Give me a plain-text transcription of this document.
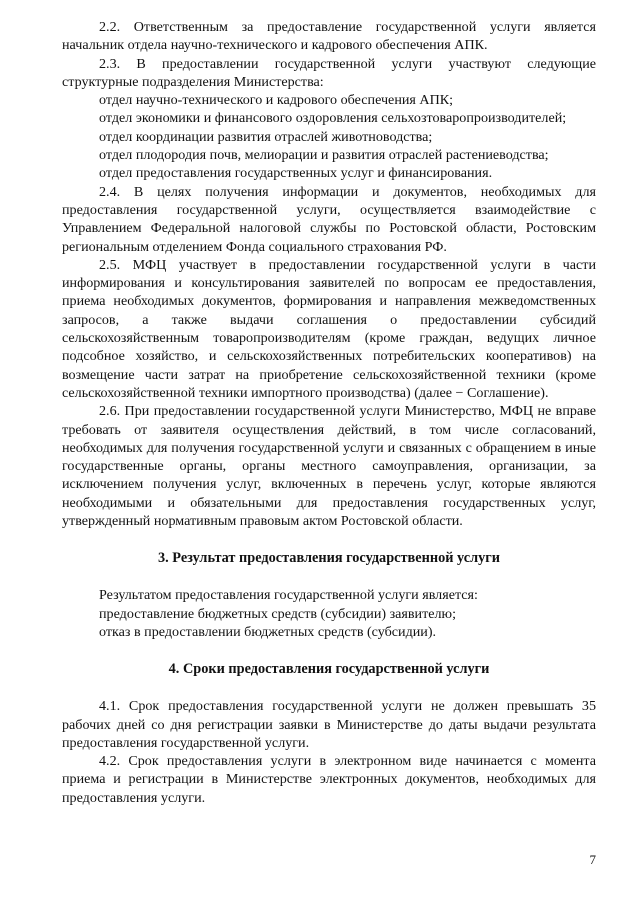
2.2. Ответственным за предоставление государственной услуги является начальник отдела научно-технического и кадрового обеспечения АПК.

2.3. В предоставлении государственной услуги участвуют следующие структурные подразделения Министерства:

отдел научно-технического и кадрового обеспечения АПК;

отдел экономики и финансового оздоровления сельхозтоваропроизводителей;

отдел координации развития отраслей животноводства;

отдел плодородия почв, мелиорации и развития отраслей растениеводства;

отдел предоставления государственных услуг и финансирования.

2.4. В целях получения информации и документов, необходимых для предоставления государственной услуги, осуществляется взаимодействие с Управлением Федеральной налоговой службы по Ростовской области, Ростовским региональным отделением Фонда социального страхования РФ.

2.5. МФЦ участвует в предоставлении государственной услуги в части информирования и консультирования заявителей по вопросам ее предоставления, приема необходимых документов, формирования и направления межведомственных запросов, а также выдачи соглашения о предоставлении субсидий сельскохозяйственным товаропроизводителям (кроме граждан, ведущих личное подсобное хозяйство, и сельскохозяйственных потребительских кооперативов) на возмещение части затрат на приобретение сельскохозяйственной техники (кроме сельскохозяйственной техники импортного производства) (далее − Соглашение).

2.6. При предоставлении государственной услуги Министерство, МФЦ не вправе требовать от заявителя осуществления действий, в том числе согласований, необходимых для получения государственной услуги и связанных с обращением в иные государственные органы, органы местного самоуправления, организации, за исключением получения услуг, включенных в перечень услуг, которые являются необходимыми и обязательными для предоставления государственных услуг, утвержденный нормативным правовым актом Ростовской области.

3. Результат предоставления государственной услуги

Результатом предоставления государственной услуги является:

предоставление бюджетных средств (субсидии) заявителю;

отказ в предоставлении бюджетных средств (субсидии).

4. Сроки предоставления государственной услуги

4.1. Срок предоставления государственной услуги не должен превышать 35 рабочих дней со дня регистрации заявки в Министерстве до даты выдачи результата предоставления государственной услуги.

4.2. Срок предоставления услуги в электронном виде начинается с момента приема и регистрации в Министерстве электронных документов, необходимых для предоставления услуги.

7
